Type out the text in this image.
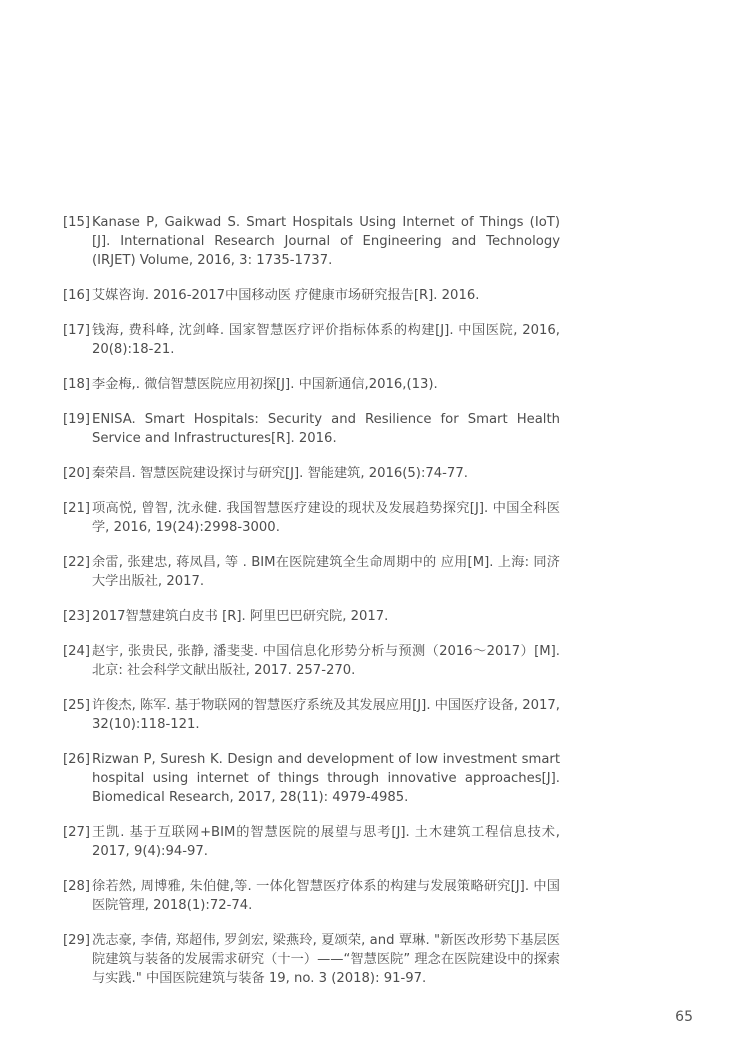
[15] Kanase P, Gaikwad S. Smart Hospitals Using Internet of Things (IoT) [J]. International Research Journal of Engineering and Technology (IRJET) Volume, 2016, 3: 1735-1737.
[16] 艾媒咨询. 2016-2017中国移动医 疗健康市场研究报告[R]. 2016.
[17] 钱海, 费科峰, 沈剑峰. 国家智慧医疗评价指标体系的构建[J]. 中国医院, 2016, 20(8):18-21.
[18] 李金梅,. 微信智慧医院应用初探[J]. 中国新通信,2016,(13).
[19] ENISA. Smart Hospitals: Security and Resilience for Smart Health Service and Infrastructures[R]. 2016.
[20] 秦荣昌. 智慧医院建设探讨与研究[J]. 智能建筑, 2016(5):74-77.
[21] 项高悦, 曾智, 沈永健. 我国智慧医疗建设的现状及发展趋势探究[J]. 中国全科医学, 2016, 19(24):2998-3000.
[22] 余雷, 张建忠, 蒋凤昌, 等 . BIM在医院建筑全生命周期中的 应用[M]. 上海: 同济大学出版社, 2017.
[23] 2017智慧建筑白皮书 [R]. 阿里巴巴研究院, 2017.
[24] 赵宇, 张贵民, 张静, 潘斐斐. 中国信息化形势分析与预测（2016～2017）[M]. 北京: 社会科学文献出版社, 2017. 257-270.
[25] 许俊杰, 陈军. 基于物联网的智慧医疗系统及其发展应用[J]. 中国医疗设备, 2017, 32(10):118-121.
[26] Rizwan P, Suresh K. Design and development of low investment smart hospital using internet of things through innovative approaches[J]. Biomedical Research, 2017, 28(11): 4979-4985.
[27] 王凯. 基于互联网+BIM的智慧医院的展望与思考[J]. 土木建筑工程信息技术, 2017, 9(4):94-97.
[28] 徐若然, 周博雅, 朱伯健,等. 一体化智慧医疗体系的构建与发展策略研究[J]. 中国医院管理, 2018(1):72-74.
[29] 冼志豪, 李倩, 郑超伟, 罗剑宏, 梁燕玲, 夏颂荣, and 覃琳. "新医改形势下基层医院建筑与装备的发展需求研究（十一）——“智慧医院” 理念在医院建设中的探索与实践." 中国医院建筑与装备 19, no. 3 (2018): 91-97.
65
